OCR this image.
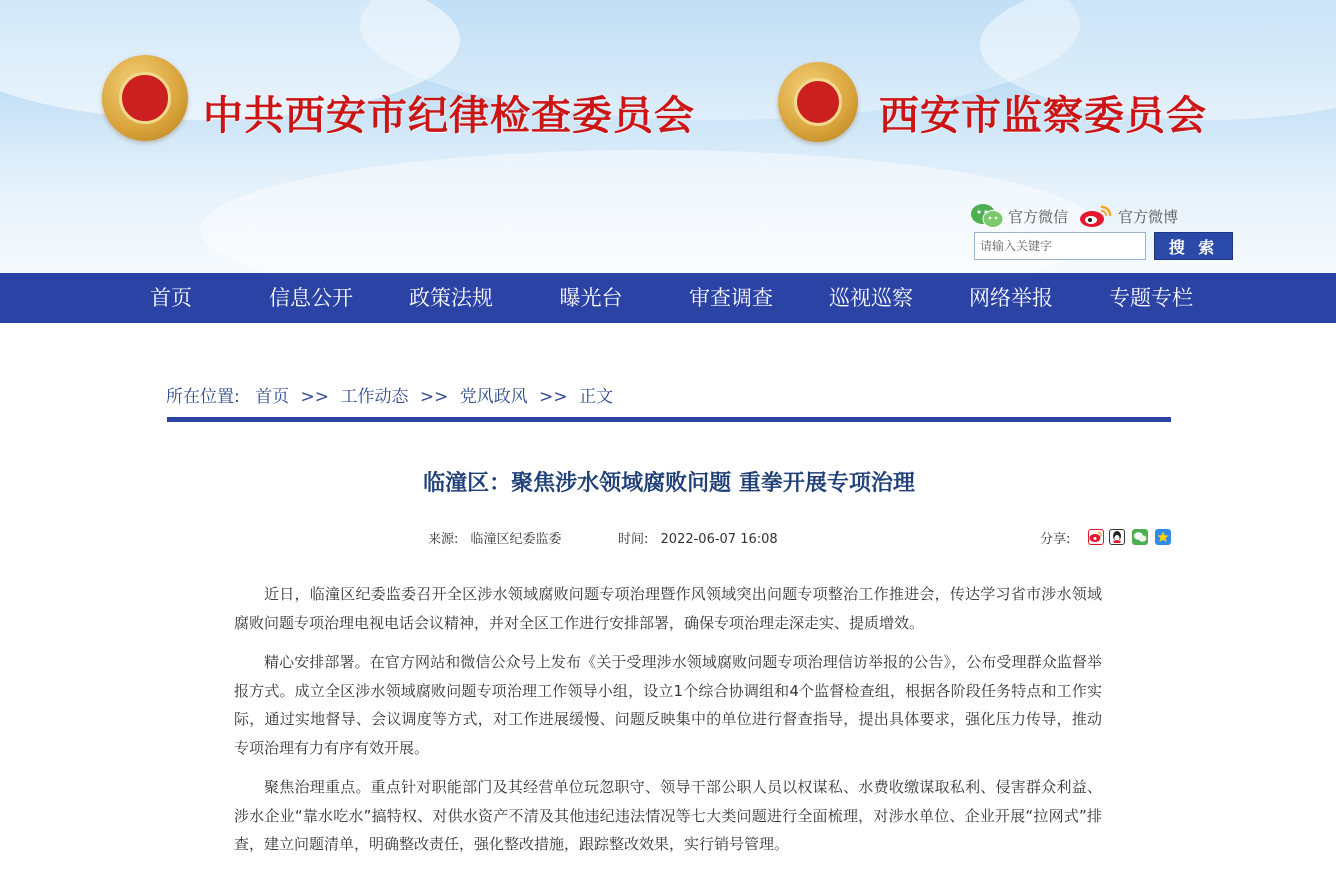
中共西安市纪律检查委员会	西安市监察委员会
官方微信	官方微博
请输入关键字
搜 索
首页	信息公开	政策法规	曝光台	审查调查	巡视巡察	网络举报	专题专栏
所在位置: 首页 >> 工作动态 >> 党风政风 >> 正文
临潼区：聚焦涉水领域腐败问题 重拳开展专项治理
来源: 临潼区纪委监委	时间: 2022-06-07 16:08	分享:

近日，临潼区纪委监委召开全区涉水领域腐败问题专项治理暨作风领域突出问题专项整治工作推进会，传达学习省市涉水领域腐败问题专项治理电视电话会议精神，并对全区工作进行安排部署，确保专项治理走深走实、提质增效。

精心安排部署。在官方网站和微信公众号上发布《关于受理涉水领域腐败问题专项治理信访举报的公告》，公布受理群众监督举报方式。成立全区涉水领域腐败问题专项治理工作领导小组，设立1个综合协调组和4个监督检查组，根据各阶段任务特点和工作实际，通过实地督导、会议调度等方式，对工作进展缓慢、问题反映集中的单位进行督查指导，提出具体要求，强化压力传导，推动专项治理有力有序有效开展。

聚焦治理重点。重点针对职能部门及其经营单位玩忽职守、领导干部公职人员以权谋私、水费收缴谋取私利、侵害群众利益、涉水企业“靠水吃水”搞特权、对供水资产不清及其他违纪违法情况等七大类问题进行全面梳理，对涉水单位、企业开展“拉网式”排查，建立问题清单，明确整改责任，强化整改措施，跟踪整改效果，实行销号管理。
